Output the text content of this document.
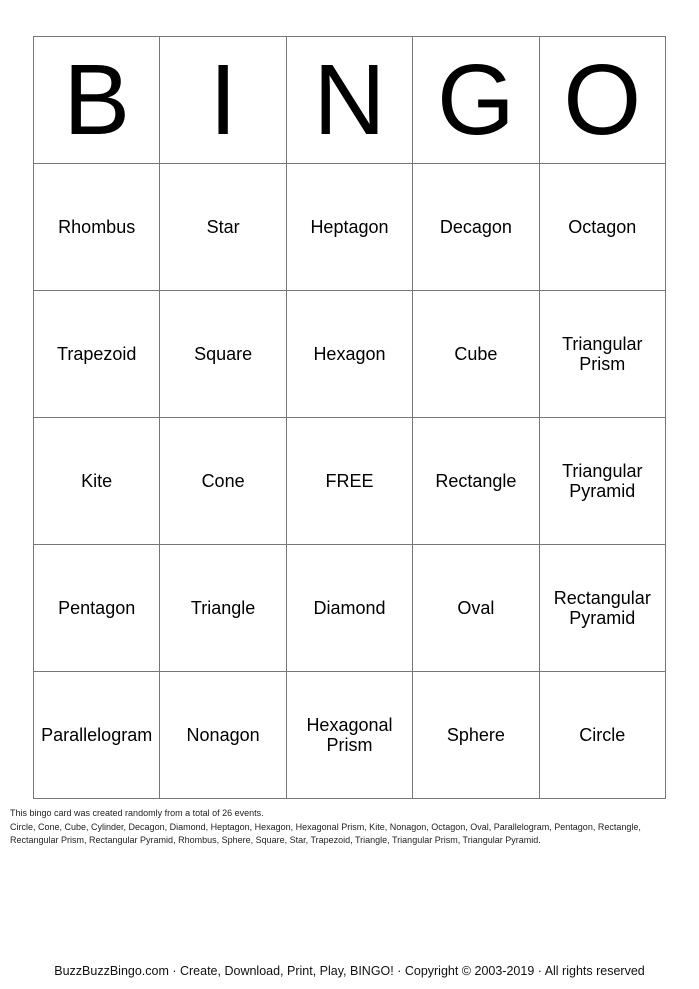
B	I	N	G	O
Rhombus	Star	Heptagon	Decagon	Octagon
Trapezoid	Square	Hexagon	Cube	Triangular Prism
Kite	Cone	FREE	Rectangle	Triangular Pyramid
Pentagon	Triangle	Diamond	Oval	Rectangular Pyramid
Parallelogram	Nonagon	Hexagonal Prism	Sphere	Circle
This bingo card was created randomly from a total of 26 events.
Circle, Cone, Cube, Cylinder, Decagon, Diamond, Heptagon, Hexagon, Hexagonal Prism, Kite, Nonagon, Octagon, Oval, Parallelogram, Pentagon, Rectangle, Rectangular Prism, Rectangular Pyramid, Rhombus, Sphere, Square, Star, Trapezoid, Triangle, Triangular Prism, Triangular Pyramid.
BuzzBuzzBingo.com · Create, Download, Print, Play, BINGO! · Copyright © 2003-2019 · All rights reserved
